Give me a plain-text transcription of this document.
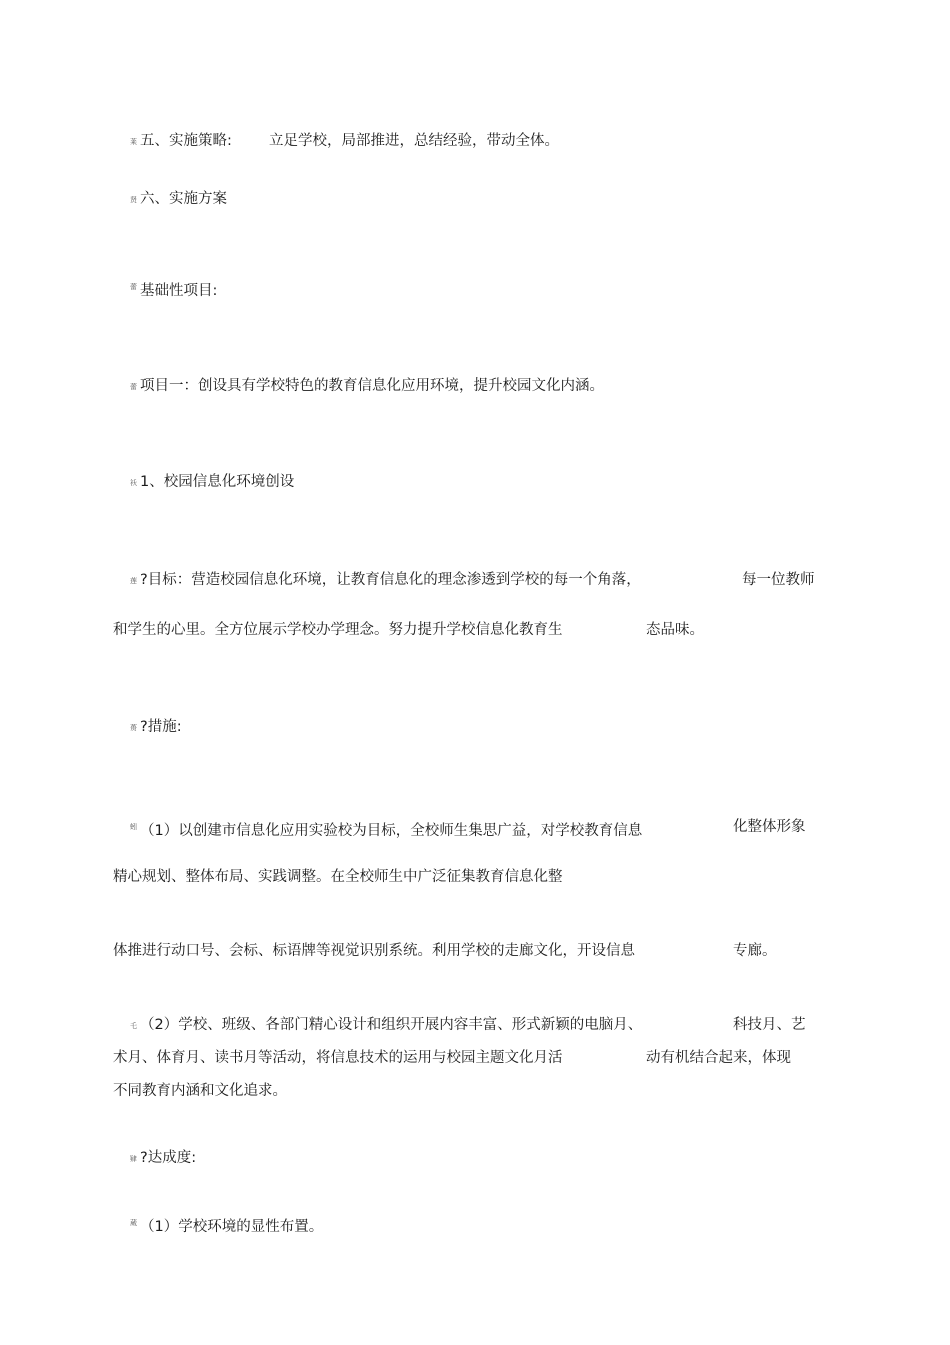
莱 五、实施策略:	立足学校，局部推进，总结经验，带动全体。
贤 六、实施方案
$^蕾$ 基础性项目:
蕾 项目一：创设具有学校特色的教育信息化应用环境，提升校园文化内涵。
袄 1、校园信息化环境创设
莲 ?目标：营造校园信息化环境，让教育信息化的理念渗透到学校的每一个角落，	每一位教师
和学生的心里。全方位展示学校办学理念。努力提升学校信息化教育生	态品味。
蒉 ?措施:
$^蚓$ （1）以创建市信息化应用实验校为目标，全校师生集思广益，对学校教育信息	化整体形象
精心规划、整体布局、实践调整。在全校师生中广泛征集教育信息化整
体推进行动口号、会标、标语牌等视觉识别系统。利用学校的走廊文化，开设信息	专廊。
乇 （2）学校、班级、各部门精心设计和组织开展内容丰富、形式新颖的电脑月、	科技月、艺
术月、体育月、读书月等活动，将信息技术的运用与校园主题文化月活	动有机结合起来，体现
不同教育内涵和文化追求。
肄 ?达成度:
$^蒇$ （1）学校环境的显性布置。
